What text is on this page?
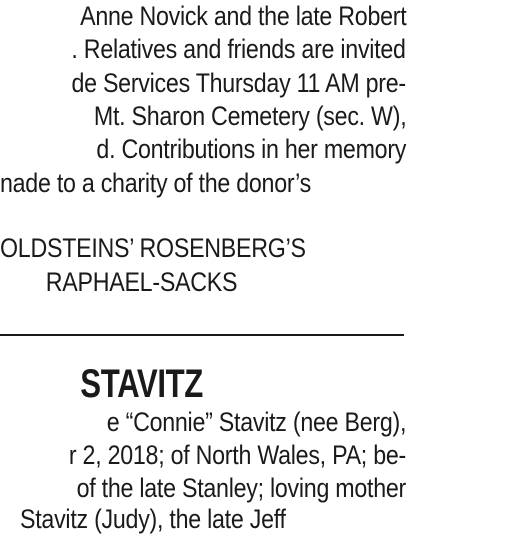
Anne Novick and the late Robert
. Relatives and friends are invited
de Services Thursday 11 AM pre-
Mt. Sharon Cemetery (sec. W),
d. Contributions in her memory
nade to a charity of the donor’s
OLDSTEINS’ ROSENBERG’S
RAPHAEL-SACKS
STAVITZ
e “Connie” Stavitz (nee Berg),
r 2, 2018; of North Wales, PA; be-
of the late Stanley; loving mother
Stavitz (Judy), the late Jeff
